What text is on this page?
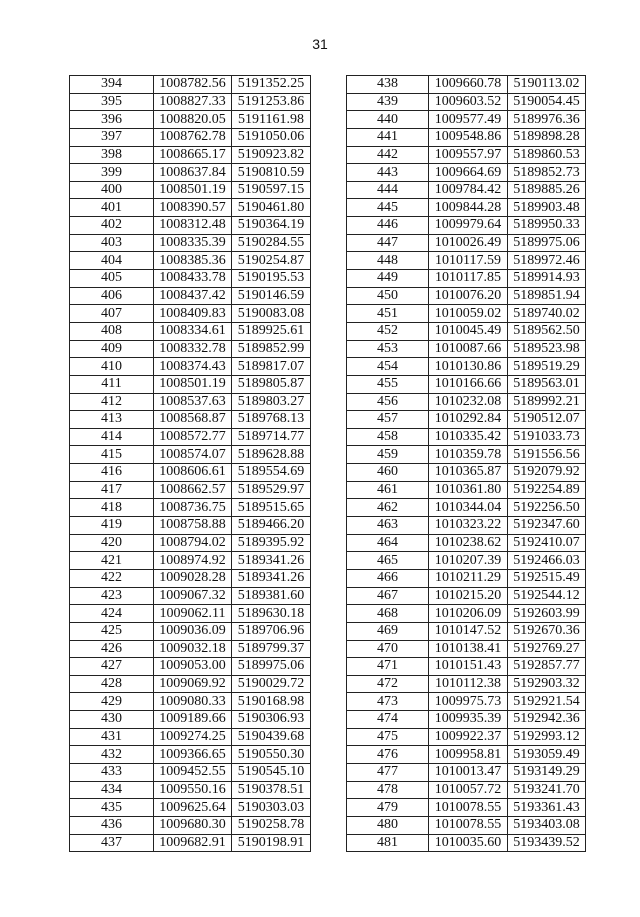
31
394	1008782.56	5191352.25
395	1008827.33	5191253.86
396	1008820.05	5191161.98
397	1008762.78	5191050.06
398	1008665.17	5190923.82
399	1008637.84	5190810.59
400	1008501.19	5190597.15
401	1008390.57	5190461.80
402	1008312.48	5190364.19
403	1008335.39	5190284.55
404	1008385.36	5190254.87
405	1008433.78	5190195.53
406	1008437.42	5190146.59
407	1008409.83	5190083.08
408	1008334.61	5189925.61
409	1008332.78	5189852.99
410	1008374.43	5189817.07
411	1008501.19	5189805.87
412	1008537.63	5189803.27
413	1008568.87	5189768.13
414	1008572.77	5189714.77
415	1008574.07	5189628.88
416	1008606.61	5189554.69
417	1008662.57	5189529.97
418	1008736.75	5189515.65
419	1008758.88	5189466.20
420	1008794.02	5189395.92
421	1008974.92	5189341.26
422	1009028.28	5189341.26
423	1009067.32	5189381.60
424	1009062.11	5189630.18
425	1009036.09	5189706.96
426	1009032.18	5189799.37
427	1009053.00	5189975.06
428	1009069.92	5190029.72
429	1009080.33	5190168.98
430	1009189.66	5190306.93
431	1009274.25	5190439.68
432	1009366.65	5190550.30
433	1009452.55	5190545.10
434	1009550.16	5190378.51
435	1009625.64	5190303.03
436	1009680.30	5190258.78
437	1009682.91	5190198.91
438	1009660.78	5190113.02
439	1009603.52	5190054.45
440	1009577.49	5189976.36
441	1009548.86	5189898.28
442	1009557.97	5189860.53
443	1009664.69	5189852.73
444	1009784.42	5189885.26
445	1009844.28	5189903.48
446	1009979.64	5189950.33
447	1010026.49	5189975.06
448	1010117.59	5189972.46
449	1010117.85	5189914.93
450	1010076.20	5189851.94
451	1010059.02	5189740.02
452	1010045.49	5189562.50
453	1010087.66	5189523.98
454	1010130.86	5189519.29
455	1010166.66	5189563.01
456	1010232.08	5189992.21
457	1010292.84	5190512.07
458	1010335.42	5191033.73
459	1010359.78	5191556.56
460	1010365.87	5192079.92
461	1010361.80	5192254.89
462	1010344.04	5192256.50
463	1010323.22	5192347.60
464	1010238.62	5192410.07
465	1010207.39	5192466.03
466	1010211.29	5192515.49
467	1010215.20	5192544.12
468	1010206.09	5192603.99
469	1010147.52	5192670.36
470	1010138.41	5192769.27
471	1010151.43	5192857.77
472	1010112.38	5192903.32
473	1009975.73	5192921.54
474	1009935.39	5192942.36
475	1009922.37	5192993.12
476	1009958.81	5193059.49
477	1010013.47	5193149.29
478	1010057.72	5193241.70
479	1010078.55	5193361.43
480	1010078.55	5193403.08
481	1010035.60	5193439.52
